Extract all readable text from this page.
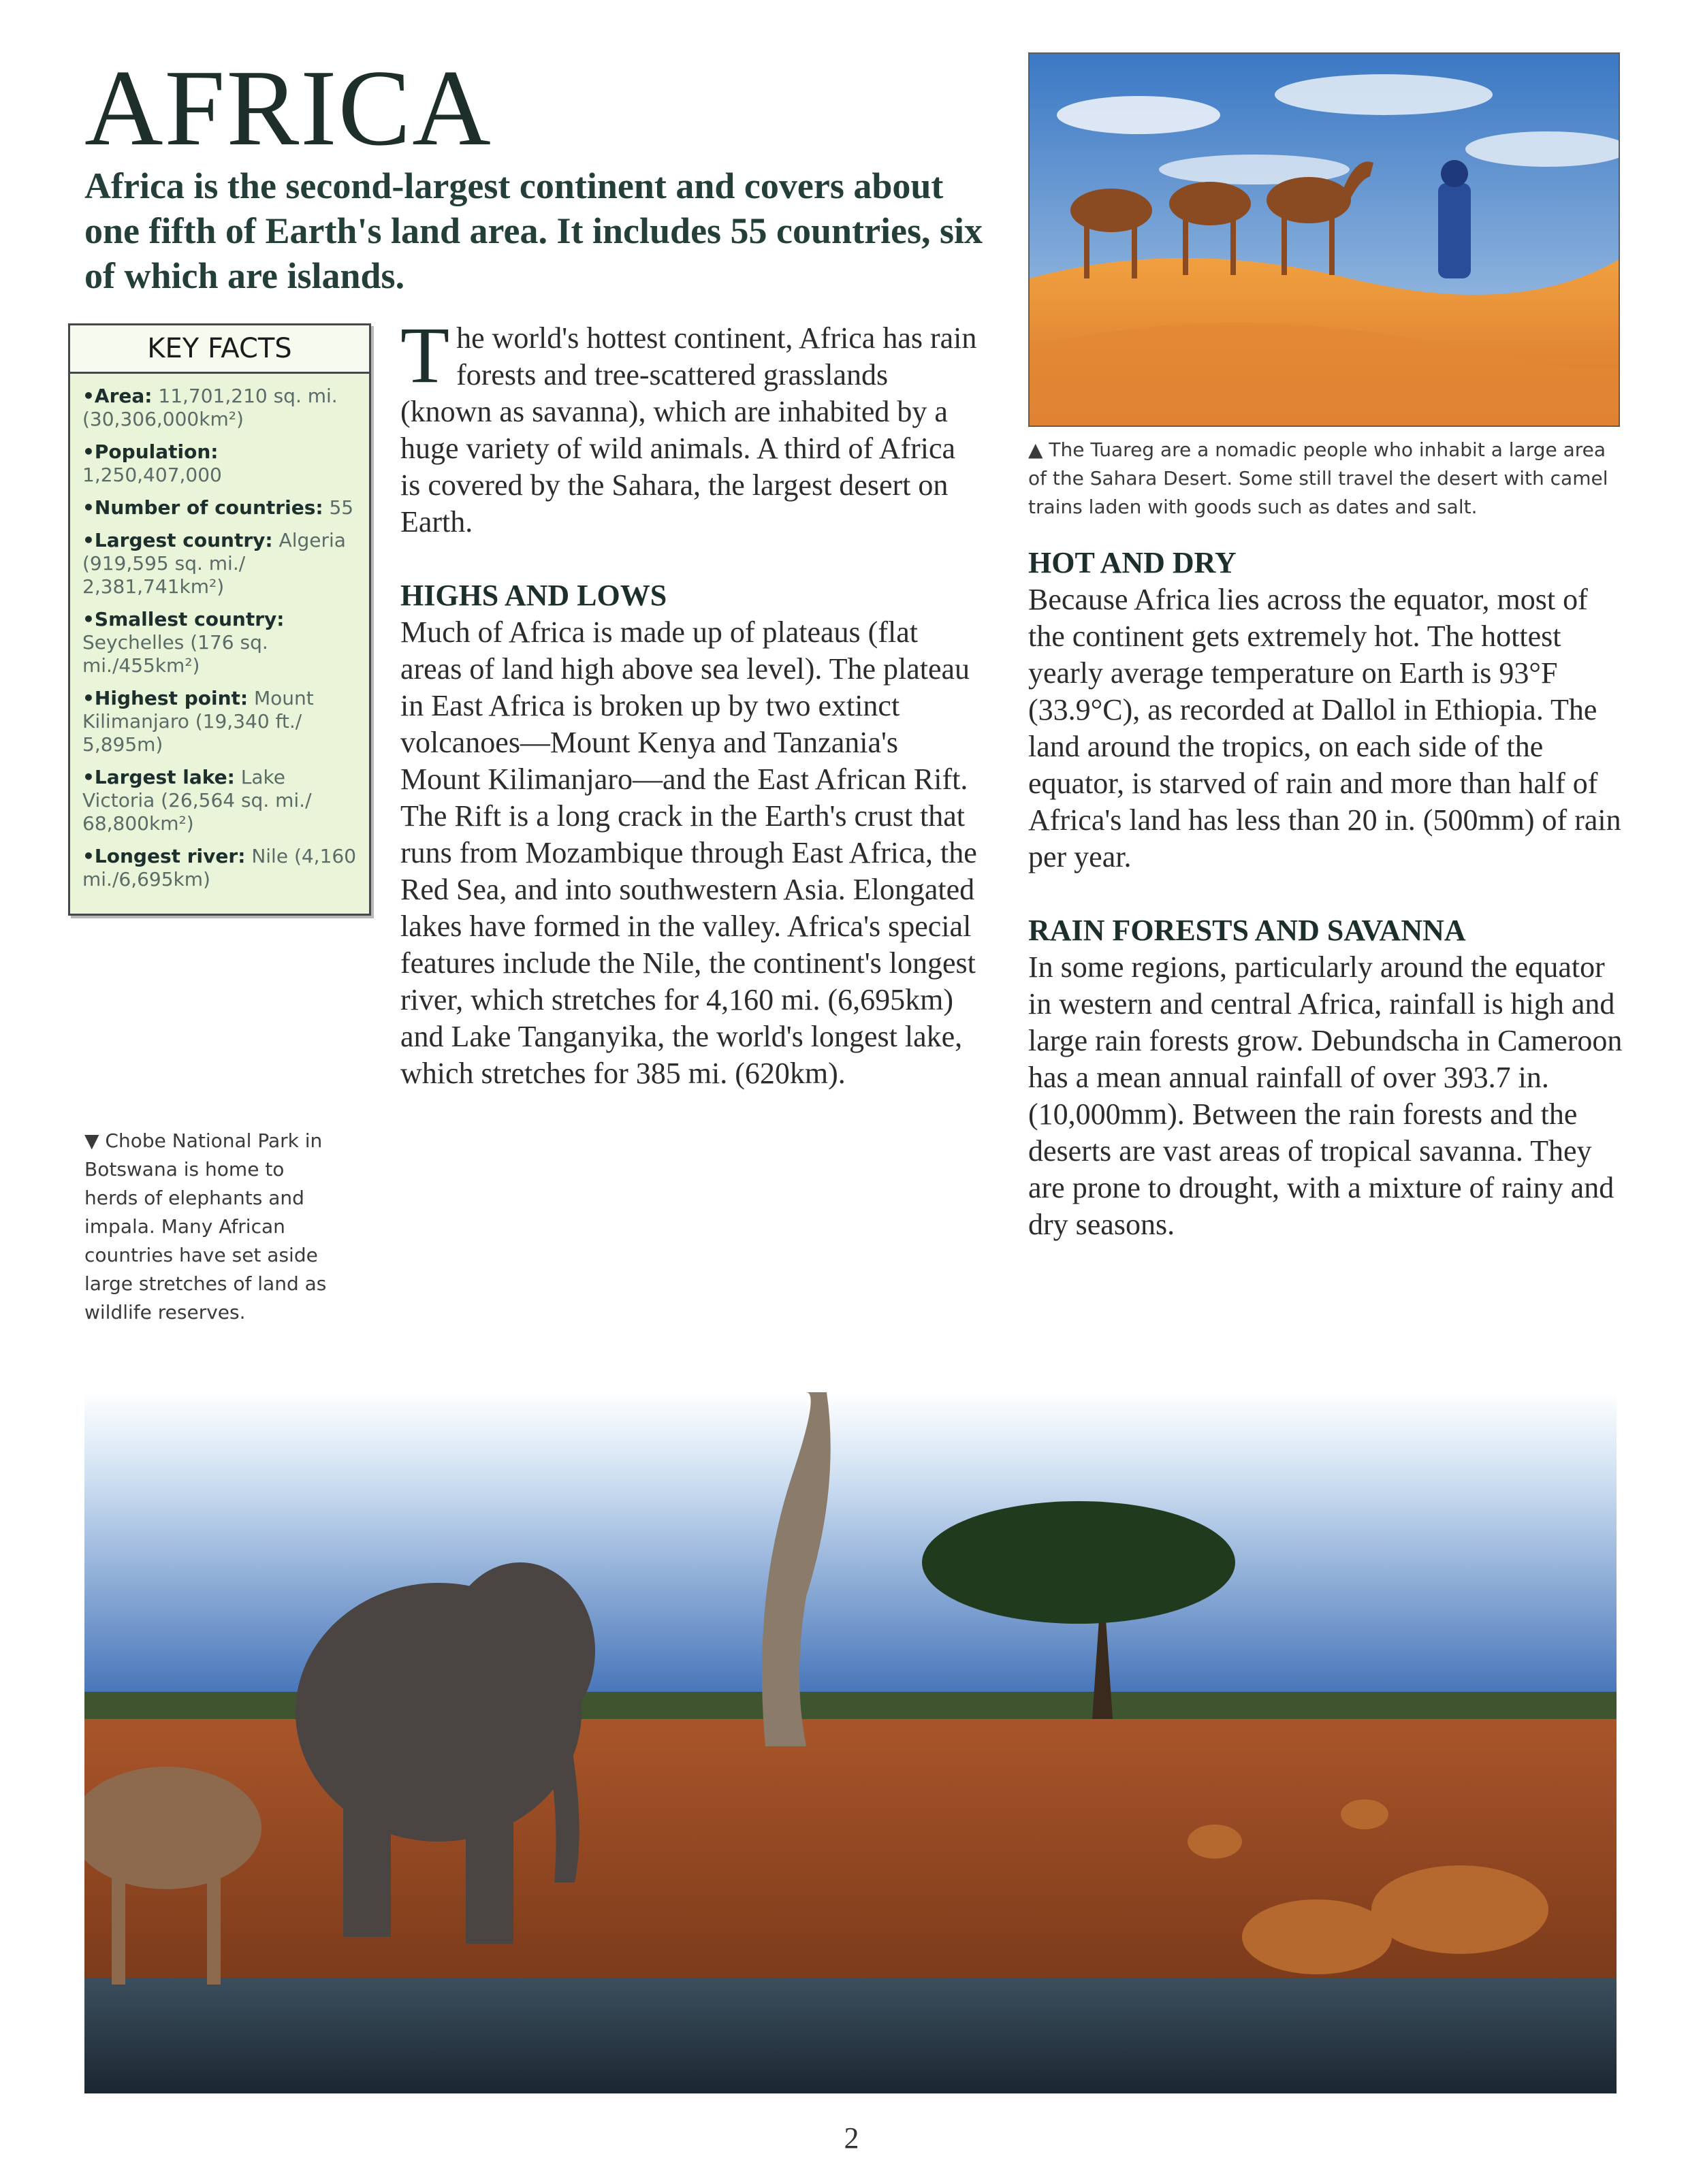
AFRICA

Africa is the second-largest continent and covers about one fifth of Earth's land area. It includes 55 countries, six of which are islands.

KEY FACTS
• Area: 11,701,210 sq. mi. (30,306,000km²)
• Population: 1,250,407,000
• Number of countries: 55
• Largest country: Algeria (919,595 sq. mi./ 2,381,741km²)
• Smallest country: Seychelles (176 sq. mi./455km²)
• Highest point: Mount Kilimanjaro (19,340 ft./ 5,895m)
• Largest lake: Lake Victoria (26,564 sq. mi./ 68,800km²)
• Longest river: Nile (4,160 mi./6,695km)

▼ Chobe National Park in Botswana is home to herds of elephants and impala. Many African countries have set aside large stretches of land as wildlife reserves.

The world's hottest continent, Africa has rain forests and tree-scattered grasslands (known as savanna), which are inhabited by a huge variety of wild animals. A third of Africa is covered by the Sahara, the largest desert on Earth.

HIGHS AND LOWS

Much of Africa is made up of plateaus (flat areas of land high above sea level). The plateau in East Africa is broken up by two extinct volcanoes—Mount Kenya and Tanzania's Mount Kilimanjaro—and the East African Rift. The Rift is a long crack in the Earth's crust that runs from Mozambique through East Africa, the Red Sea, and into southwestern Asia. Elongated lakes have formed in the valley. Africa's special features include the Nile, the continent's longest river, which stretches for 4,160 mi. (6,695km) and Lake Tanganyika, the world's longest lake, which stretches for 385 mi. (620km).

▲ The Tuareg are a nomadic people who inhabit a large area of the Sahara Desert. Some still travel the desert with camel trains laden with goods such as dates and salt.

HOT AND DRY

Because Africa lies across the equator, most of the continent gets extremely hot. The hottest yearly average temperature on Earth is 93°F (33.9°C), as recorded at Dallol in Ethiopia. The land around the tropics, on each side of the equator, is starved of rain and more than half of Africa's land has less than 20 in. (500mm) of rain per year.

RAIN FORESTS AND SAVANNA

In some regions, particularly around the equator in western and central Africa, rainfall is high and large rain forests grow. Debundscha in Cameroon has a mean annual rainfall of over 393.7 in. (10,000mm). Between the rain forests and the deserts are vast areas of tropical savanna. They are prone to drought, with a mixture of rainy and dry seasons.

2
